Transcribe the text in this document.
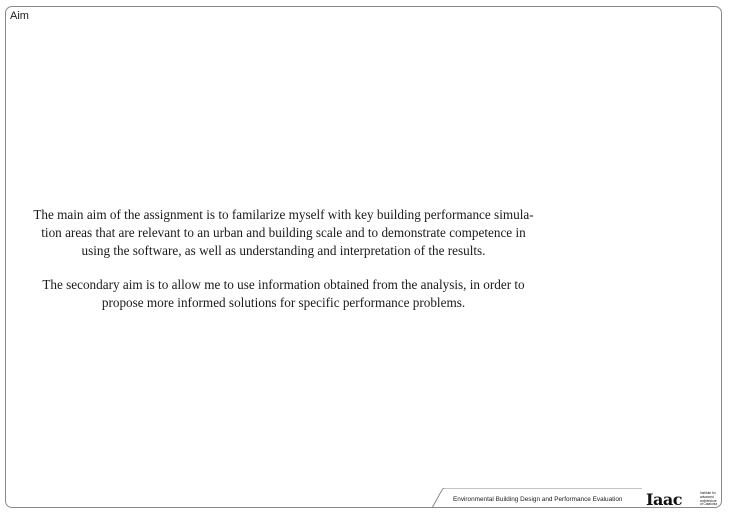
Aim
The main aim of the assignment is to familarize myself with key building performance simula-
tion areas that are relevant to an urban and building scale and to demonstrate competence in
using the software, as well as understanding and interpretation of the results.
The secondary aim is to allow me to use information obtained from the analysis, in order to
propose more informed solutions for specific performance problems.
Environmental Building Design and Performance Evaluation Iaac	Institute for
advanced
architecture
of Catalonia
